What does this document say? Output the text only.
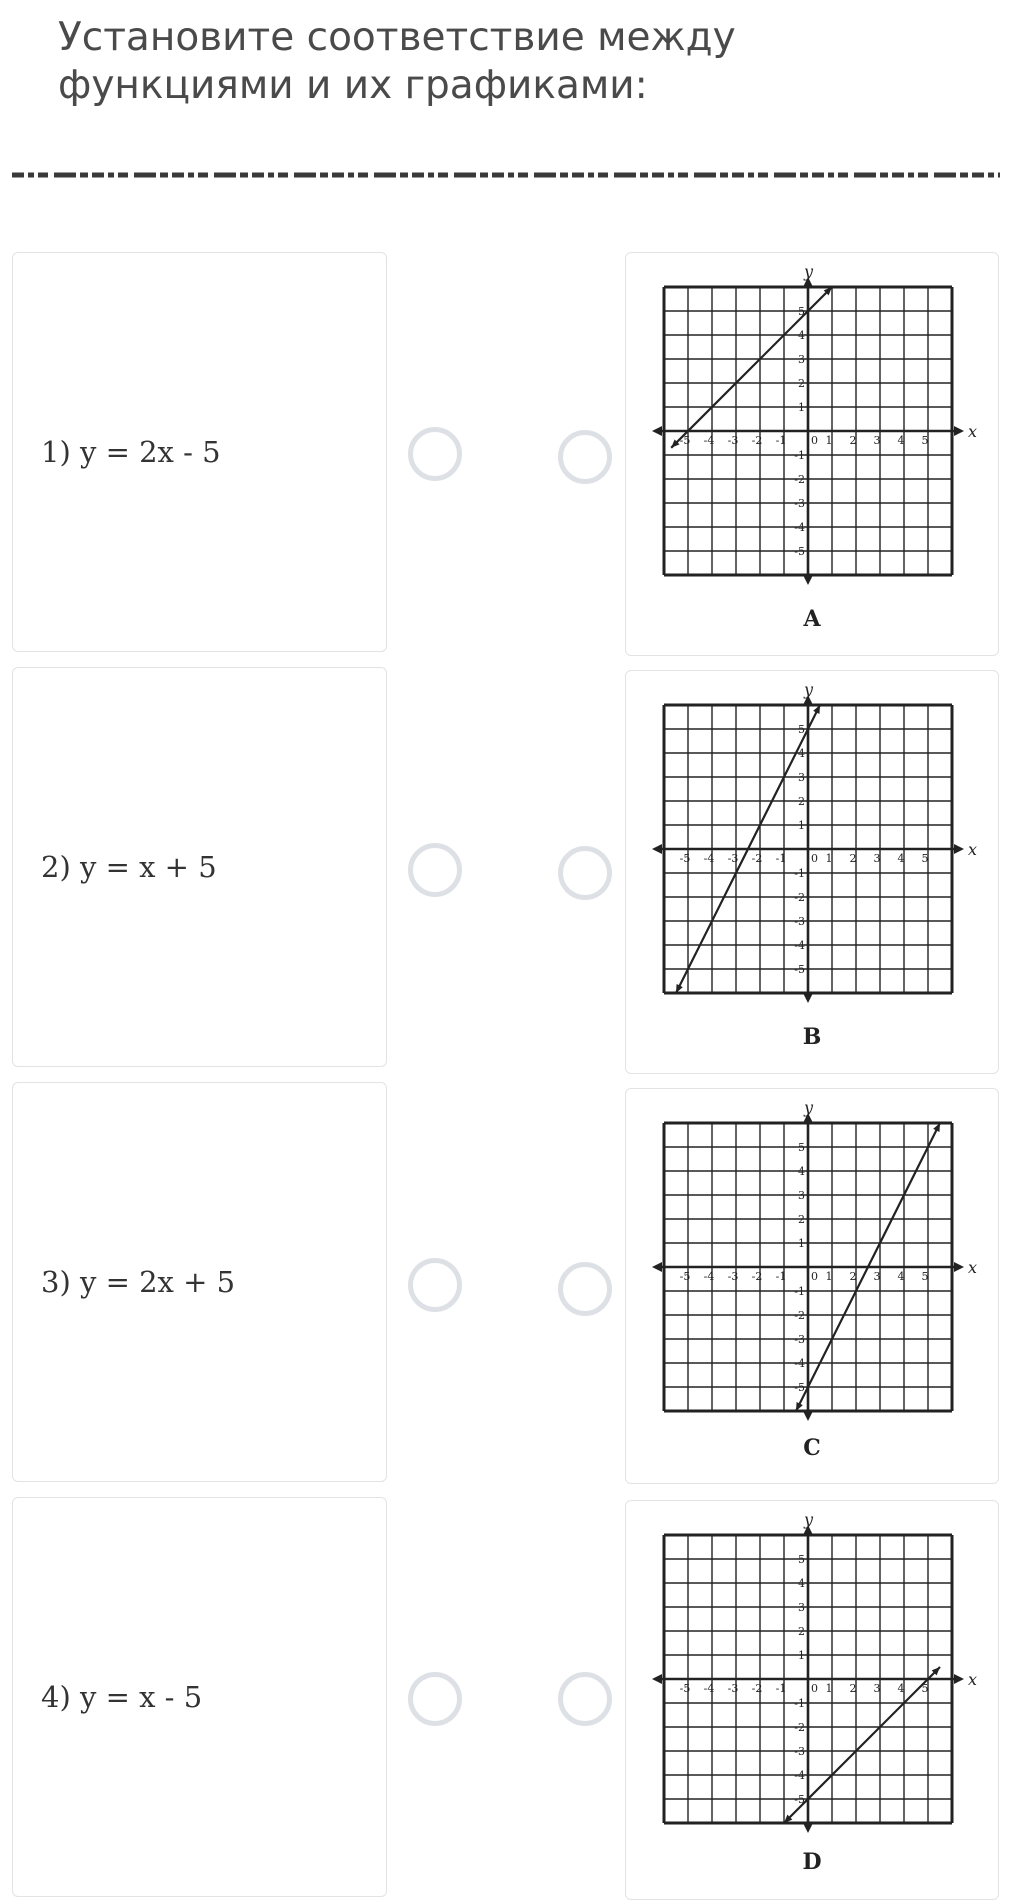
Установите соответствие между функциями и их графиками:
1) y = 2x - 5
x
y
-5 -4 -3 -2 -1 0 1 2 3 4 5
5
4
3
2
1
-1
-2
-3
-4
-5
A
2) y = x + 5
x
y
-5 -4 -3 -2 -1 0 1 2 3 4 5
5
4
3
2
1
-1
-2
-3
-4
-5
B
3) y = 2x + 5	x
y
-5 -4 -3 -2 -1 0 1 2 3 4 5
5
4
3
2
1
-1
-2
-3
-4
-5
C
4) y = x - 5
x
y
-5 -4 -3 -2 -1 0 1 2 3 4 5
5
4
3
2
1
-1
-2
-3
-4
-5
D
